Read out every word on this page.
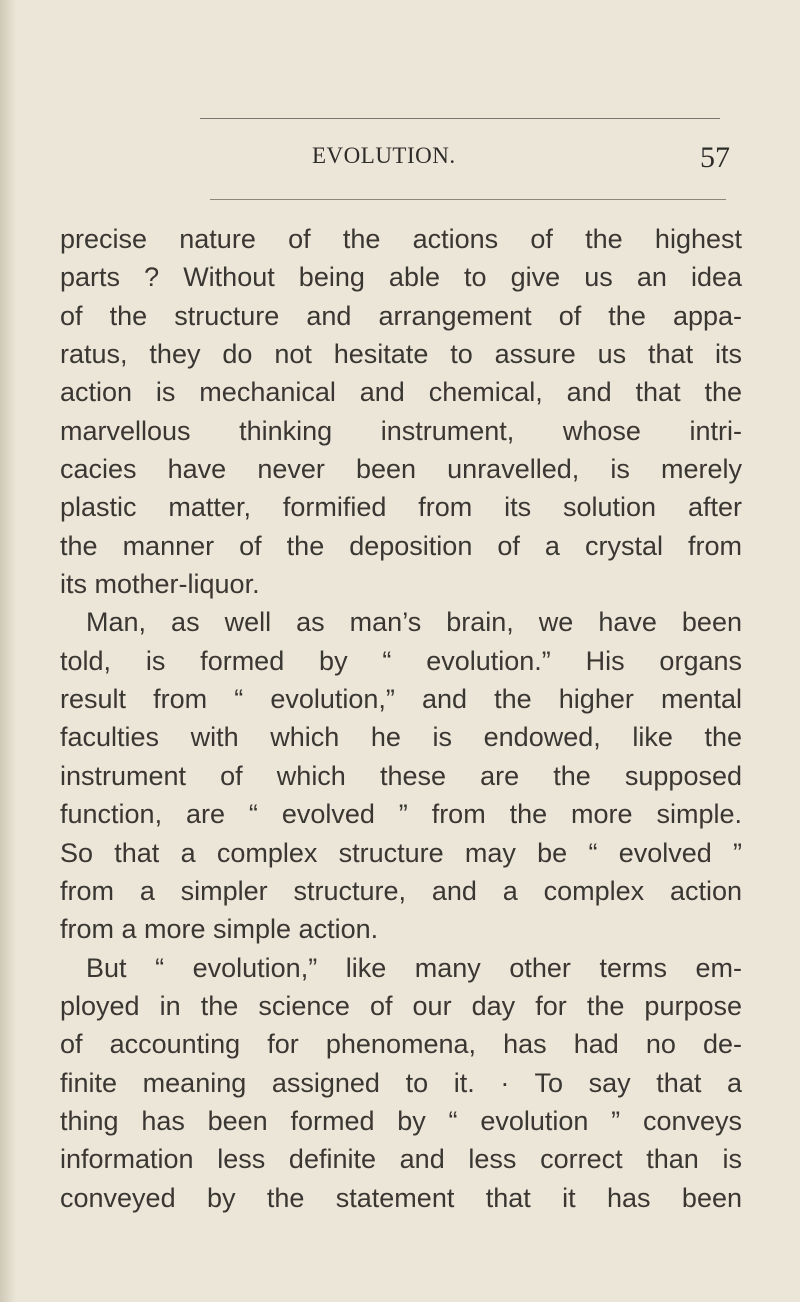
EVOLUTION.	57
precise nature of the actions of the highest
parts ? Without being able to give us an idea
of the structure and arrangement of the appa-
ratus, they do not hesitate to assure us that its
action is mechanical and chemical, and that the
marvellous thinking instrument, whose intri-
cacies have never been unravelled, is merely
plastic matter, formified from its solution after
the manner of the deposition of a crystal from
its mother-liquor.
Man, as well as man’s brain, we have been
told, is formed by “ evolution.” His organs
result from “ evolution,” and the higher mental
faculties with which he is endowed, like the
instrument of which these are the supposed
function, are “ evolved ” from the more simple.
So that a complex structure may be “ evolved ”
from a simpler structure, and a complex action
from a more simple action.
But “ evolution,” like many other terms em-
ployed in the science of our day for the purpose
of accounting for phenomena, has had no de-
finite meaning assigned to it. · To say that a
thing has been formed by “ evolution ” conveys
information less definite and less correct than is
conveyed by the statement that it has been
